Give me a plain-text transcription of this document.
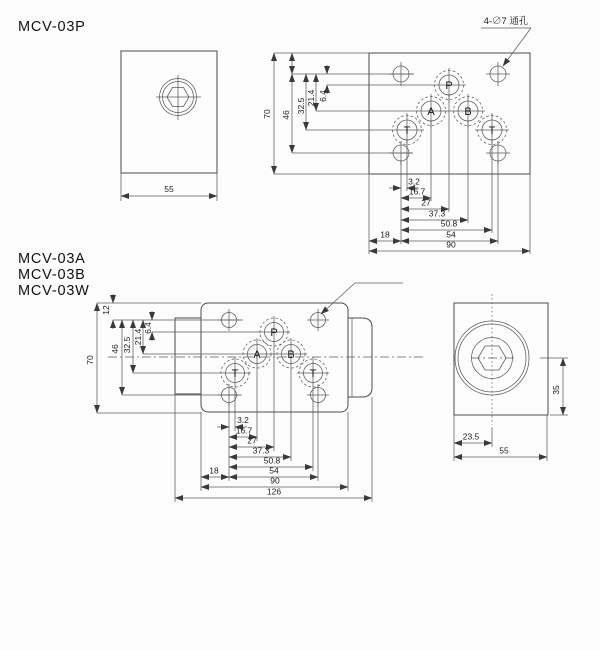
MCV-03P
55
P
A	B
T	T
4-∅7 通孔
70 46
32.5 21.4 6.4
3.2
16.7
27
37.3
50.8
18	54
90
MCV-03A
MCV-03B
MCV-03W
P
A B
T	T
70
12
46 32.5 21.4
6.4
3.2
16.7
27
37.3
50.8
18	54
90
126
35
23.5
55
